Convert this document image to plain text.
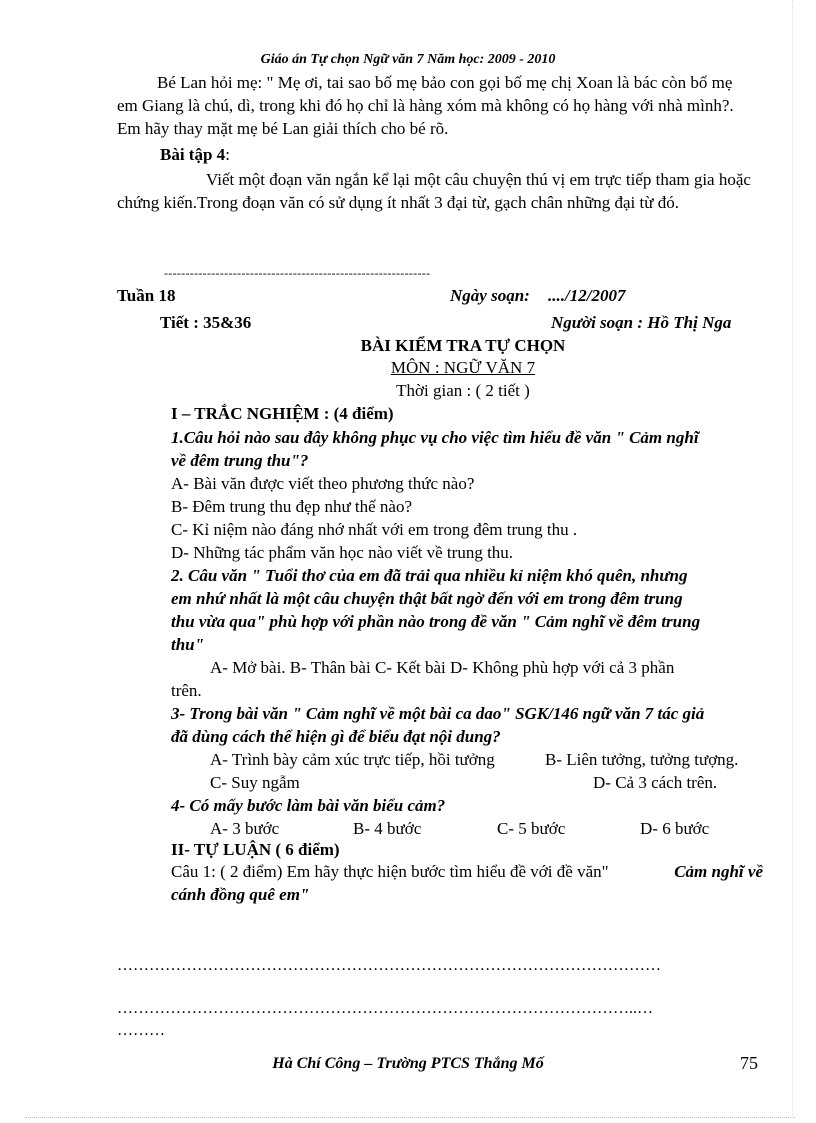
Giáo án Tự chọn Ngữ văn 7 Năm học: 2009 - 2010
Bé Lan hỏi mẹ: " Mẹ ơi, tai sao bố mẹ bảo con gọi bố mẹ chị Xoan là bác còn bố mẹ em Giang là chú, dì, trong khi đó họ chỉ là hàng xóm mà không có họ hàng với nhà mình?. Em hãy thay mặt mẹ bé Lan giải thích cho bé rõ.
Bài tập 4:
Viết một đoạn văn ngắn kể lại một câu chuyện thú vị em trực tiếp tham gia hoặc chứng kiến.Trong đoạn văn có sử dụng ít nhất 3 đại từ, gạch chân những đại từ đó.
--------------------------------------------------------------
Tuần 18	Ngày soạn: ..../12/2007
Tiết : 35&36	Người soạn : Hồ Thị Nga
BÀI KIỂM TRA TỰ CHỌN
MÔN : NGỮ VĂN 7
Thời gian : ( 2 tiết )
I – TRẮC NGHIỆM : (4 điểm)
1.Câu hỏi nào sau đây không phục vụ cho việc tìm hiểu đề văn " Cảm nghĩ
về đêm trung thu"?
A- Bài văn được viết theo phương thức nào?
B- Đêm trung thu đẹp như thế nào?
C- Kỉ niệm nào đáng nhớ nhất với em trong đêm trung thu .
D- Những tác phẩm văn học nào viết về trung thu.
2. Câu văn " Tuổi thơ của em đã trải qua nhiều kỉ niệm khó quên, nhưng
em nhứ nhất là một câu chuyện thật bất ngờ đến với em trong đêm trung
thu vừa qua" phù hợp với phần nào trong đề văn " Cảm nghĩ về đêm trung
thu"
A- Mở bài. B- Thân bài C- Kết bài D- Không phù hợp với cả 3 phần
trên.
3- Trong bài văn " Cảm nghĩ về một bài ca dao" SGK/146 ngữ văn 7 tác giả
đã dùng cách thể hiện gì để biểu đạt nội dung?
A- Trình bày cảm xúc trực tiếp, hồi tưởng	B- Liên tưởng, tưởng tượng.
C- Suy ngẫm	D- Cả 3 cách trên.
4- Có mấy bước làm bài văn biểu cảm?
A- 3 bước	B- 4 bước	C- 5 bước	D- 6 bước
II- TỰ LUẬN ( 6 điểm)
Câu 1: ( 2 điểm) Em hãy thực hiện bước tìm hiểu đề với đề văn"	Cảm nghĩ về
cánh đồng quê em"
…………………………………………………………………………………………
……………………………………………………………………………………..…
………
Hà Chí Công – Trường PTCS Thắng Mố	75
